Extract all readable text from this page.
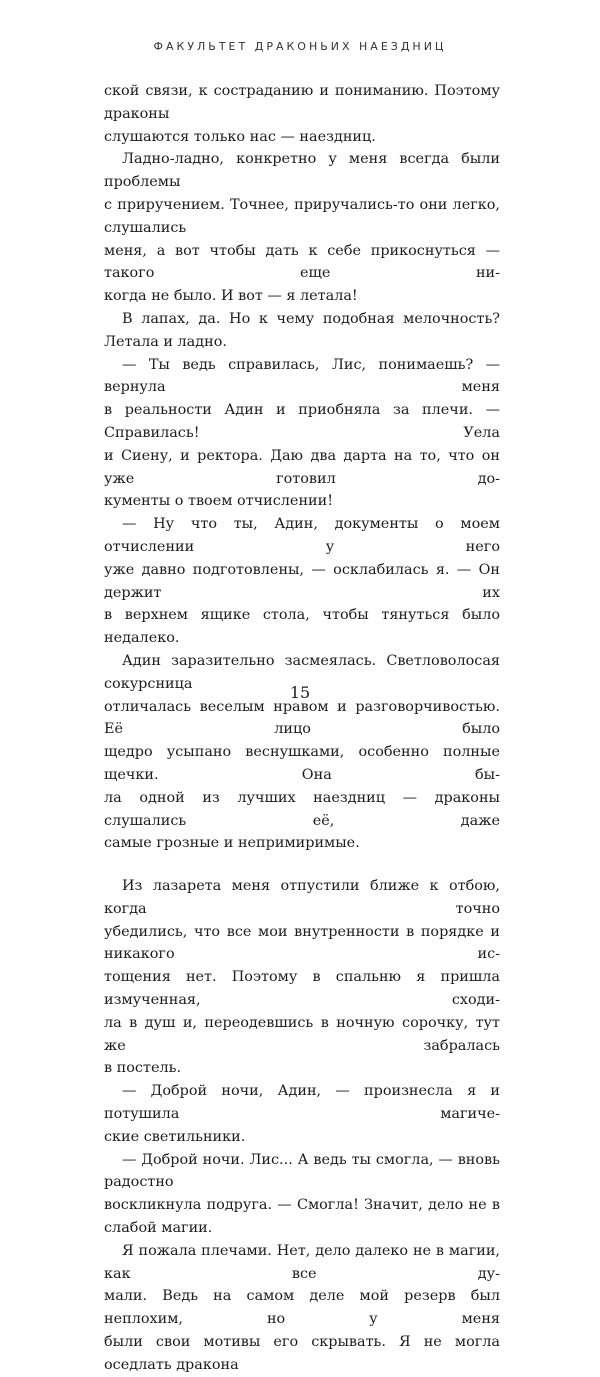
ФАКУЛЬТЕТ ДРАКОНЬИХ НАЕЗДНИЦ

ской связи, к состраданию и пониманию. Поэтому драконы
слушаются только нас — наездниц.

Ладно-ладно, конкретно у меня всегда были проблемы
с приручением. Точнее, приручались-то они легко, слушались
меня, а вот чтобы дать к себе прикоснуться — такого еще ни-
когда не было. И вот — я летала!

В лапах, да. Но к чему подобная мелочность? Летала и ладно.

— Ты ведь справилась, Лис, понимаешь? — вернула меня
в реальности Адин и приобняла за плечи. — Справилась! Уела
и Сиену, и ректора. Даю два дарта на то, что он уже готовил до-
кументы о твоем отчислении!

— Ну что ты, Адин, документы о моем отчислении у него
уже давно подготовлены, — осклабилась я. — Он держит их
в верхнем ящике стола, чтобы тянуться было недалеко.

Адин заразительно засмеялась. Светловолосая сокурсница
отличалась веселым нравом и разговорчивостью. Её лицо было
щедро усыпано веснушками, особенно полные щечки. Она бы-
ла одной из лучших наездниц — драконы слушались её, даже
самые грозные и непримиримые.

Из лазарета меня отпустили ближе к отбою, когда точно
убедились, что все мои внутренности в порядке и никакого ис-
тощения нет. Поэтому в спальню я пришла измученная, сходи-
ла в душ и, переодевшись в ночную сорочку, тут же забралась
в постель.

— Доброй ночи, Адин, — произнесла я и потушила магиче-
ские светильники.

— Доброй ночи. Лис... А ведь ты смогла, — вновь радостно
воскликнула подруга. — Смогла! Значит, дело не в слабой магии.

Я пожала плечами. Нет, дело далеко не в магии, как все ду-
мали. Ведь на самом деле мой резерв был неплохим, но у меня
были свои мотивы его скрывать. Я не могла оседлать дракона

15
